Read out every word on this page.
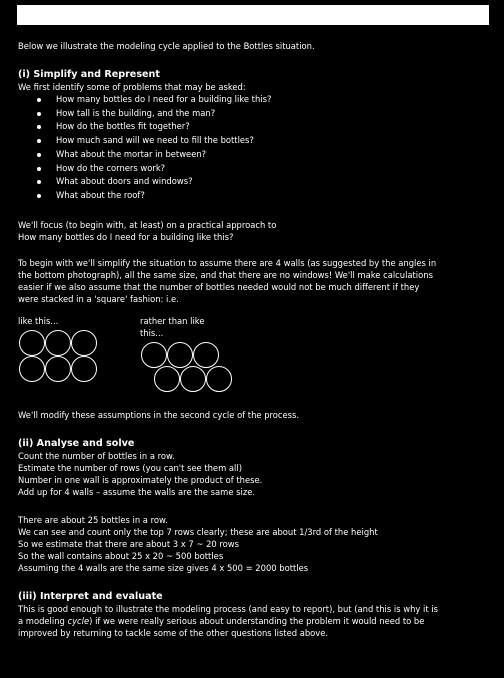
Below we illustrate the modeling cycle applied to the Bottles situation.

(i) Simplify and Represent

We first identify some of problems that may be asked:

How many bottles do I need for a building like this?
How tall is the building, and the man?
How do the bottles fit together?
How much sand will we need to fill the bottles?
What about the mortar in between?
How do the corners work?
What about doors and windows?
What about the roof?

We'll focus (to begin with, at least) on a practical approach to

How many bottles do I need for a building like this?

To begin with we'll simplify the situation to assume there are 4 walls (as suggested by the angles in

the bottom photograph), all the same size, and that there are no windows! We'll make calculations

easier if we also assume that the number of bottles needed would not be much different if they

were stacked in a 'square' fashion: i.e.

like this...	rather than like this...

We'll modify these assumptions in the second cycle of the process.

(ii) Analyse and solve

Count the number of bottles in a row.

Estimate the number of rows (you can't see them all)

Number in one wall is approximately the product of these.

Add up for 4 walls – assume the walls are the same size.

There are about 25 bottles in a row.

We can see and count only the top 7 rows clearly; these are about 1/3rd of the height

So we estimate that there are about 3 x 7 ~ 20 rows

So the wall contains about 25 x 20 ~ 500 bottles

Assuming the 4 walls are the same size gives 4 x 500 = 2000 bottles

(iii) Interpret and evaluate

This is good enough to illustrate the modeling process (and easy to report), but (and this is why it is

a modeling cycle) if we were really serious about understanding the problem it would need to be

improved by returning to tackle some of the other questions listed above.
